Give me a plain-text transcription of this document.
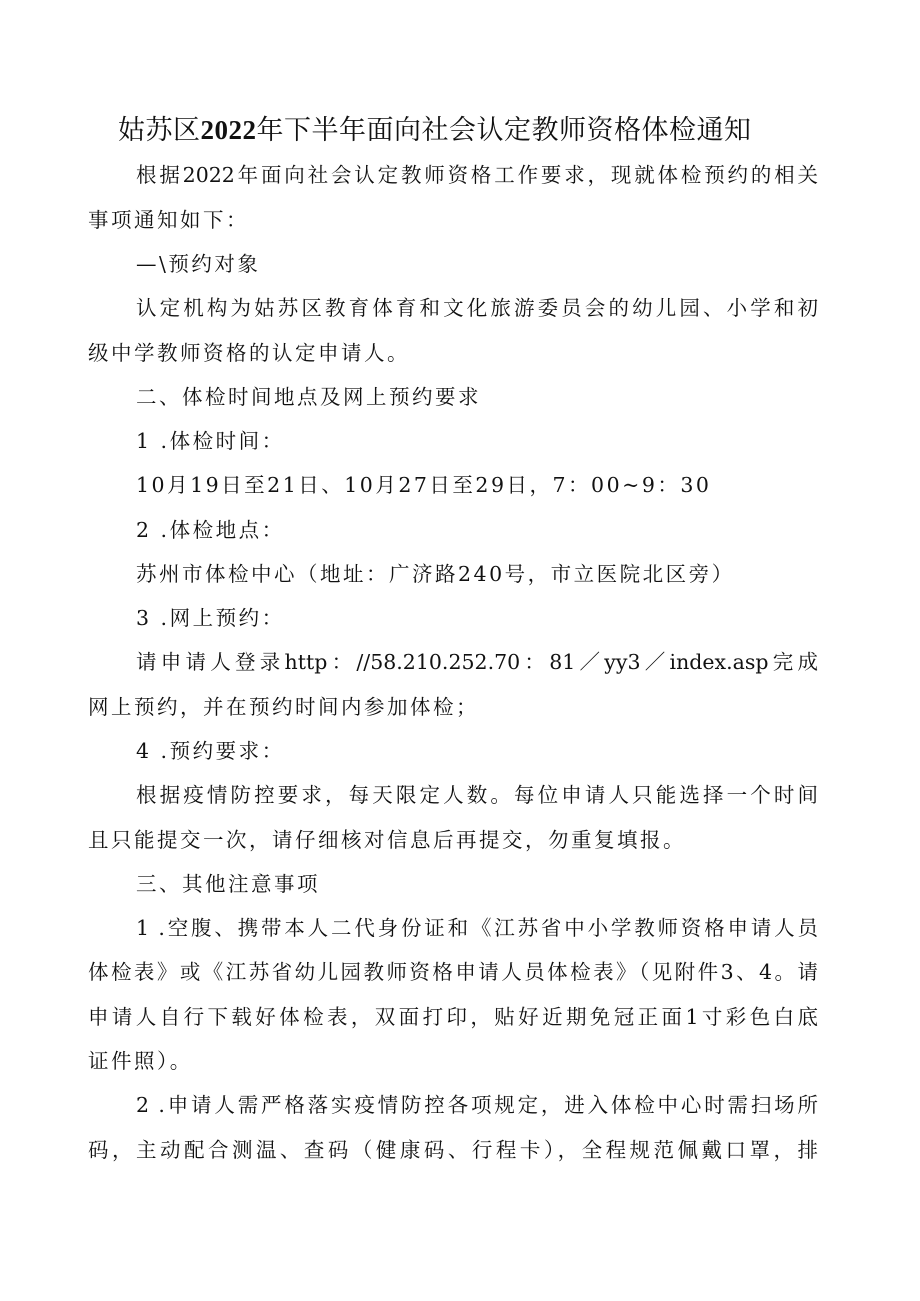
姑苏区2022年下半年面向社会认定教师资格体检通知

根据2022年面向社会认定教师资格工作要求，现就体检预约的相关

事项通知如下：

—\预约对象

认定机构为姑苏区教育体育和文化旅游委员会的幼儿园、小学和初

级中学教师资格的认定申请人。

二、体检时间地点及网上预约要求

1 .体检时间：

10月19日至21日、10月27日至29日，7：00~9：30

2 .体检地点：

苏州市体检中心（地址：广济路240号，市立医院北区旁）

3 .网上预约：

请申请人登录http：//58.210.252.70：81／yy3／index.asp完成

网上预约，并在预约时间内参加体检；

4 .预约要求：

根据疫情防控要求，每天限定人数。每位申请人只能选择一个时间

且只能提交一次，请仔细核对信息后再提交，勿重复填报。

三、其他注意事项

1 .空腹、携带本人二代身份证和《江苏省中小学教师资格申请人员

体检表》或《江苏省幼儿园教师资格申请人员体检表》（见附件3、4。请

申请人自行下载好体检表，双面打印，贴好近期免冠正面1寸彩色白底

证件照）。

2 .申请人需严格落实疫情防控各项规定，进入体检中心时需扫场所

码，主动配合测温、查码（健康码、行程卡），全程规范佩戴口罩，排
